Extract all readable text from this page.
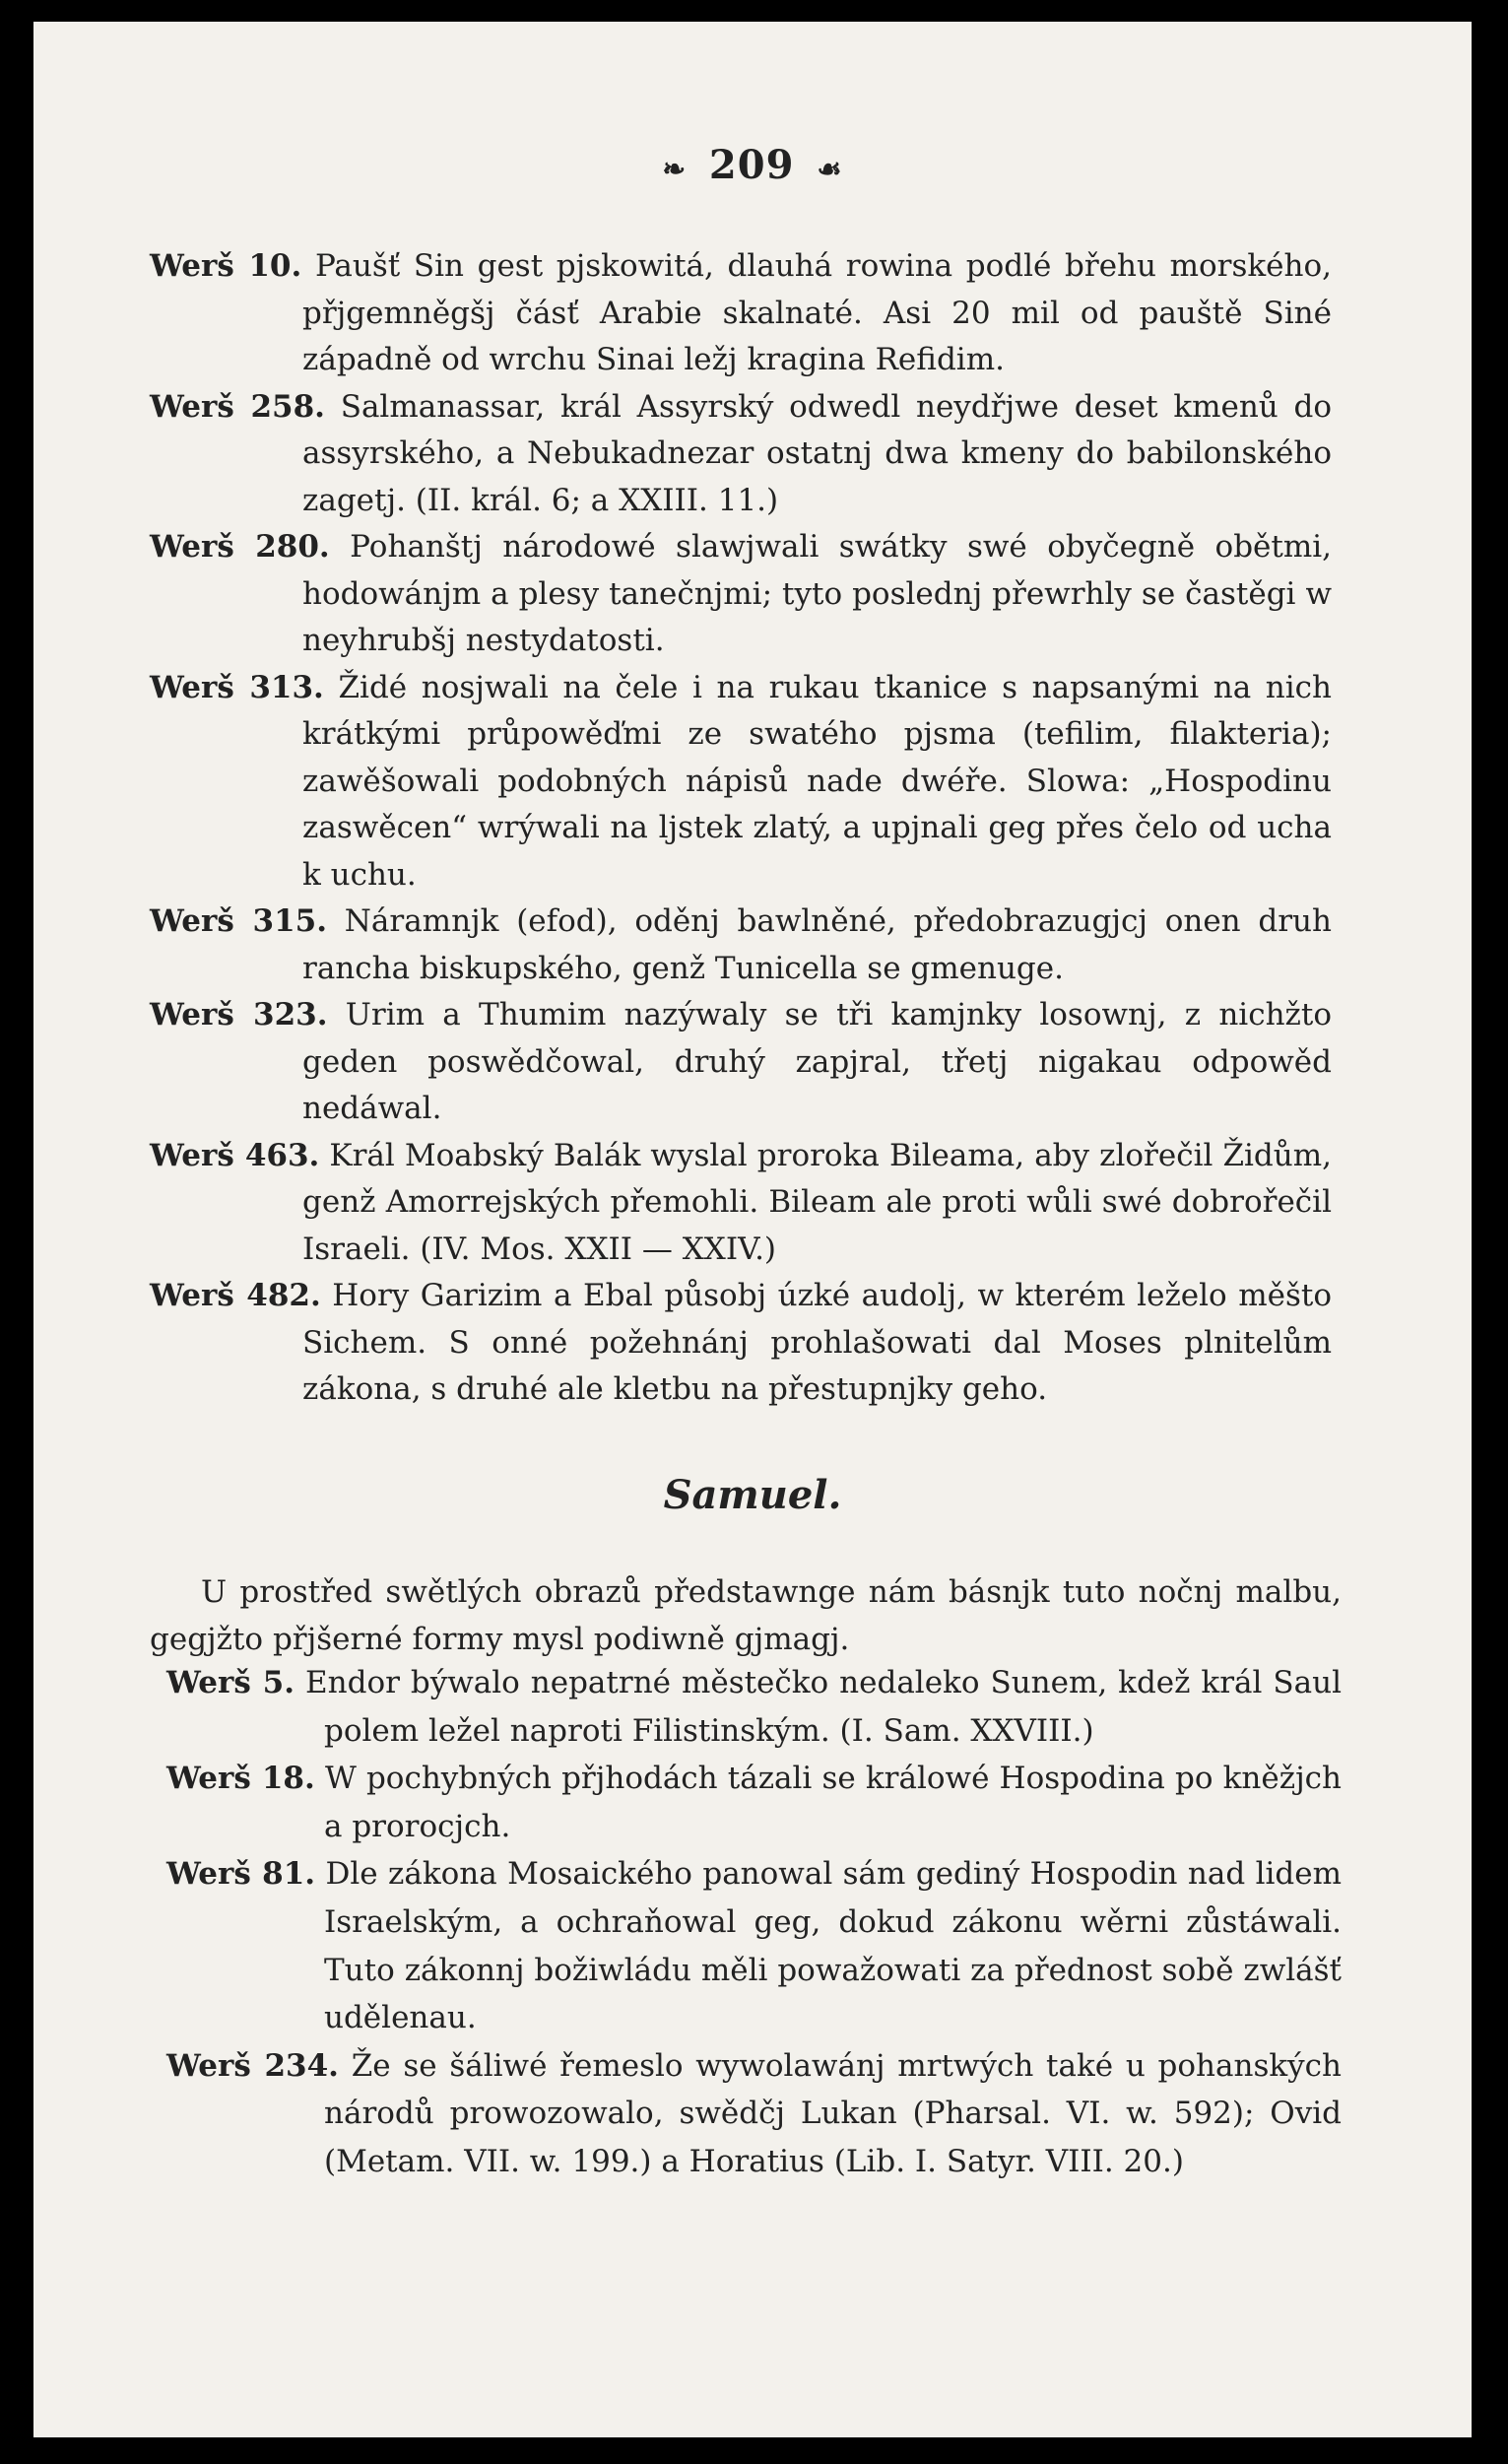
❧ 209 ☙

Werš 10. Paušť Sin gest pjskowitá, dlauhá rowina podlé břehu morského, přjgemněgšj čásť Arabie skalnaté. Asi 20 mil od pauště Siné západně od wrchu Sinai ležj kragina Refidim.

Werš 258. Salmanassar, král Assyrský odwedl neydřjwe deset kmenů do assyrského, a Nebukadnezar ostatnj dwa kmeny do babilonského zagetj. (II. král. 6; a XXIII. 11.)

Werš 280. Pohanštj národowé slawjwali swátky swé obyčegně obětmi, hodowánjm a plesy tanečnjmi; tyto poslednj přewrhly se častěgi w neyhrubšj nestydatosti.

Werš 313. Židé nosjwali na čele i na rukau tkanice s napsanými na nich krátkými průpowěďmi ze swatého pjsma (tefilim, filakteria); zawěšowali podobných nápisů nade dwéře. Slowa: „Hospodinu zaswěcen“ wrýwali na ljstek zlatý, a upjnali geg přes čelo od ucha k uchu.

Werš 315. Náramnjk (efod), oděnj bawlněné, předobrazugjcj onen druh rancha biskupského, genž Tunicella se gmenuge.

Werš 323. Urim a Thumim nazýwaly se tři kamjnky losownj, z nichžto geden poswědčowal, druhý zapjral, třetj nigakau odpowěd nedáwal.

Werš 463. Král Moabský Balák wyslal proroka Bileama, aby zlořečil Židům, genž Amorrejských přemohli. Bileam ale proti wůli swé dobrořečil Israeli. (IV. Mos. XXII — XXIV.)

Werš 482. Hory Garizim a Ebal působj úzké audolj, w kterém leželo měšto Sichem. S onné požehnánj prohlašowati dal Moses plnitelům zákona, s druhé ale kletbu na přestupnjky geho.

Samuel.

U prostřed swětlých obrazů předstawnge nám básnjk tuto nočnj malbu, gegjžto přjšerné formy mysl podiwně gjmagj.

Werš 5. Endor býwalo nepatrné městečko nedaleko Sunem, kdež král Saul polem ležel naproti Filistinským. (I. Sam. XXVIII.)

Werš 18. W pochybných přjhodách tázali se králowé Hospodina po kněžjch a prorocjch.

Werš 81. Dle zákona Mosaického panowal sám gediný Hospodin nad lidem Israelským, a ochraňowal geg, dokud zákonu wěrni zůstáwali. Tuto zákonnj božiwládu měli powažowati za přednost sobě zwlášť udělenau.

Werš 234. Že se šáliwé řemeslo wywolawánj mrtwých také u pohanských národů prowozowalo, swědčj Lukan (Pharsal. VI. w. 592); Ovid (Metam. VII. w. 199.) a Horatius (Lib. I. Satyr. VIII. 20.)
